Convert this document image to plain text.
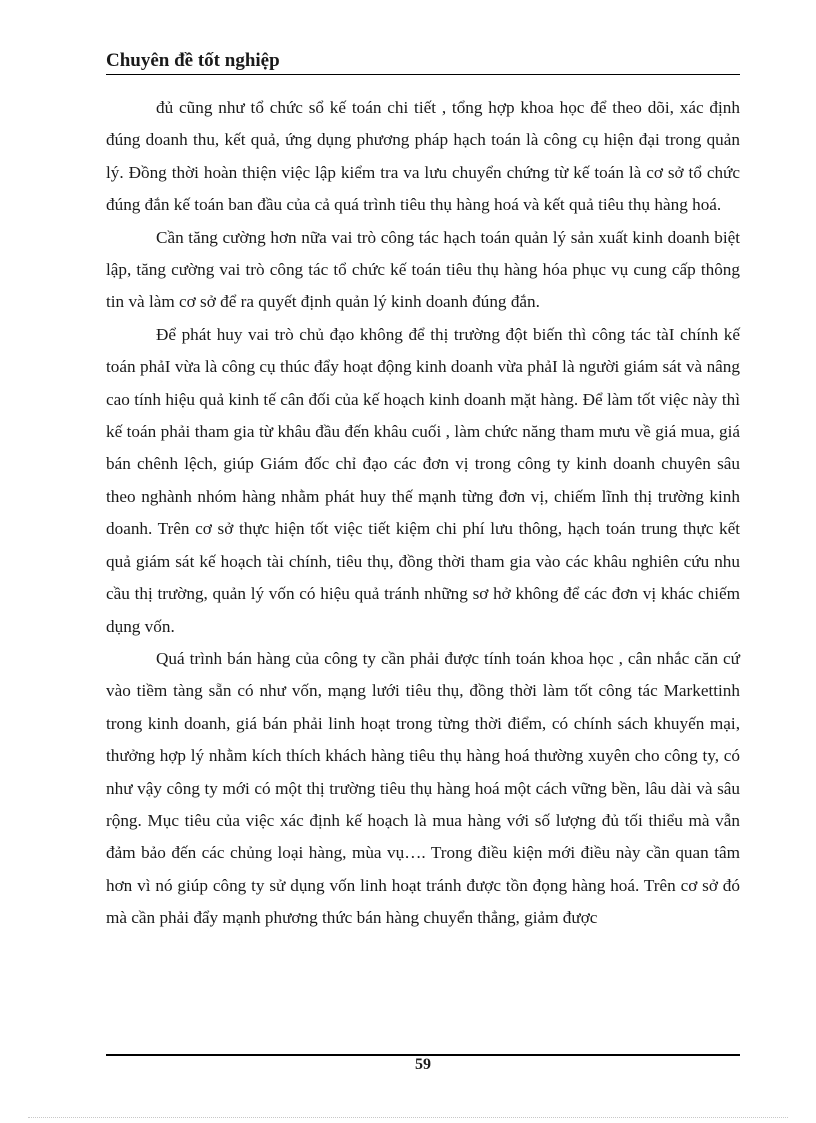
Chuyên đề tốt nghiệp

đủ cũng như tổ chức sổ kế toán chi tiết , tổng hợp khoa học để theo dõi, xác định đúng doanh thu, kết quả, ứng dụng phương pháp hạch toán là công cụ hiện đại trong quản lý. Đồng thời hoàn thiện việc lập kiểm tra va lưu chuyển chứng từ kế toán là cơ sở tổ chức đúng đắn kế toán ban đầu của cả quá trình tiêu thụ hàng hoá và kết quả tiêu thụ hàng hoá.

Cần tăng cường hơn nữa vai trò công tác hạch toán quản lý sản xuất kinh doanh biệt lập, tăng cường vai trò công tác tổ chức kế toán tiêu thụ hàng hóa phục vụ cung cấp thông tin và làm cơ sở để ra quyết định quản lý kinh doanh đúng đắn.

Để phát huy vai trò chủ đạo không để thị trường đột biến thì công tác tàI chính kế toán phảI vừa là công cụ thúc đẩy hoạt động kinh doanh vừa phảI là người giám sát và nâng cao tính hiệu quả kinh tế cân đối của kế hoạch kinh doanh mặt hàng. Để làm tốt việc này thì kế toán phải tham gia từ khâu đầu đến khâu cuối , làm chức năng tham mưu về giá mua, giá bán chênh lệch, giúp Giám đốc chỉ đạo các đơn vị trong công ty kinh doanh chuyên sâu theo nghành nhóm hàng nhằm phát huy thế mạnh từng đơn vị, chiếm lĩnh thị trường kinh doanh. Trên cơ sở thực hiện tốt việc tiết kiệm chi phí lưu thông, hạch toán trung thực kết quả giám sát kế hoạch tài chính, tiêu thụ, đồng thời tham gia vào các khâu nghiên cứu nhu cầu thị trường, quản lý vốn có hiệu quả tránh những sơ hở không để các đơn vị khác chiếm dụng vốn.

Quá trình bán hàng của công ty cần phải được tính toán khoa học , cân nhắc căn cứ vào tiềm tàng sẵn có như vốn, mạng lưới tiêu thụ, đồng thời làm tốt công tác Markettinh trong kinh doanh, giá bán phải linh hoạt trong từng thời điểm, có chính sách khuyến mại, thưởng hợp lý nhằm kích thích khách hàng tiêu thụ hàng hoá thường xuyên cho công ty, có như vậy công ty mới có một thị trường tiêu thụ hàng hoá một cách vững bền, lâu dài và sâu rộng. Mục tiêu của việc xác định kế hoạch là mua hàng với số lượng đủ tối thiểu mà vẫn đảm bảo đến các chủng loại hàng, mùa vụ…. Trong điều kiện mới điều này cần quan tâm hơn vì nó giúp công ty sử dụng vốn linh hoạt tránh được tồn đọng hàng hoá. Trên cơ sở đó mà cần phải đẩy mạnh phương thức bán hàng chuyển thẳng, giảm được

59
